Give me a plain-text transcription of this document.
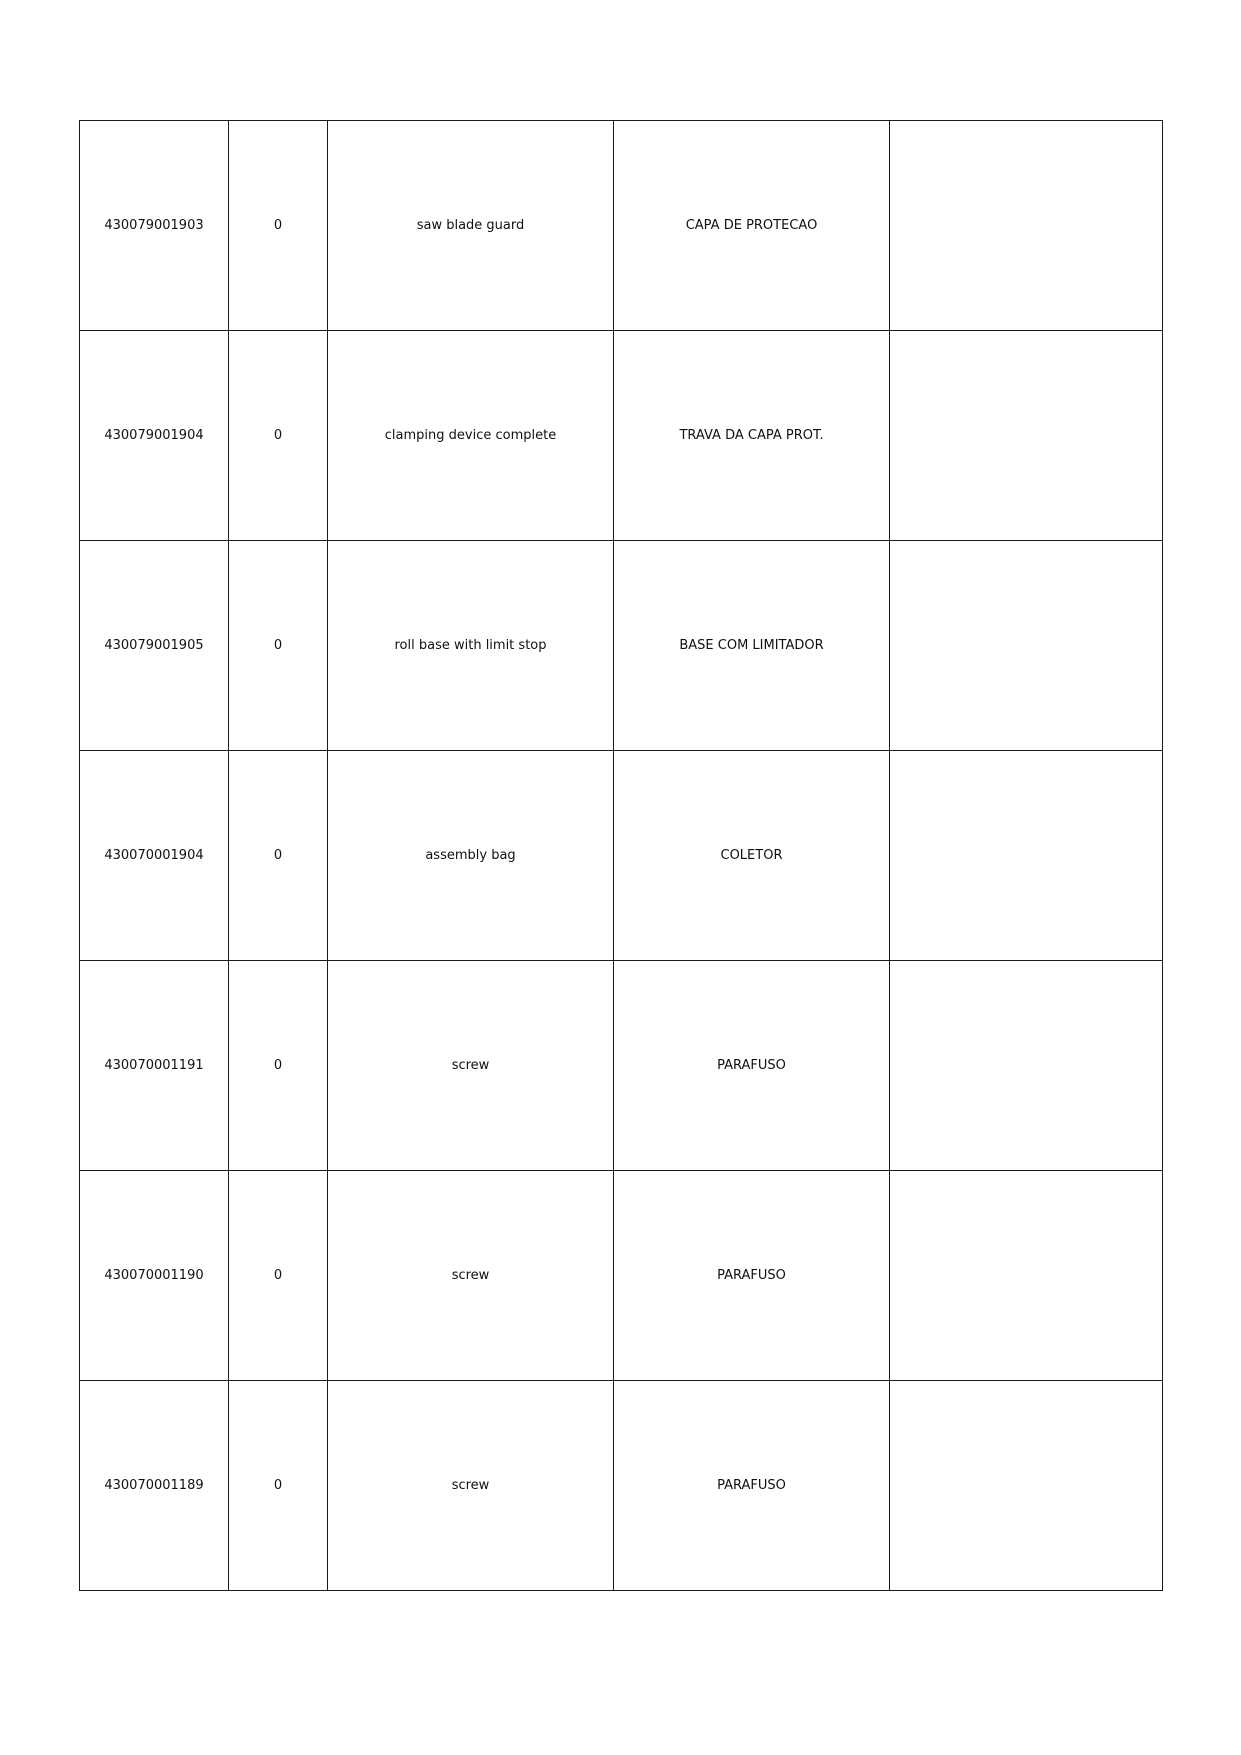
430079001903	0	saw blade guard	CAPA DE PROTECAO	
430079001904	0	clamping device complete	TRAVA DA CAPA PROT.	
430079001905	0	roll base with limit stop	BASE COM LIMITADOR	
430070001904	0	assembly bag	COLETOR	
430070001191	0	screw	PARAFUSO	
430070001190	0	screw	PARAFUSO	
430070001189	0	screw	PARAFUSO	
